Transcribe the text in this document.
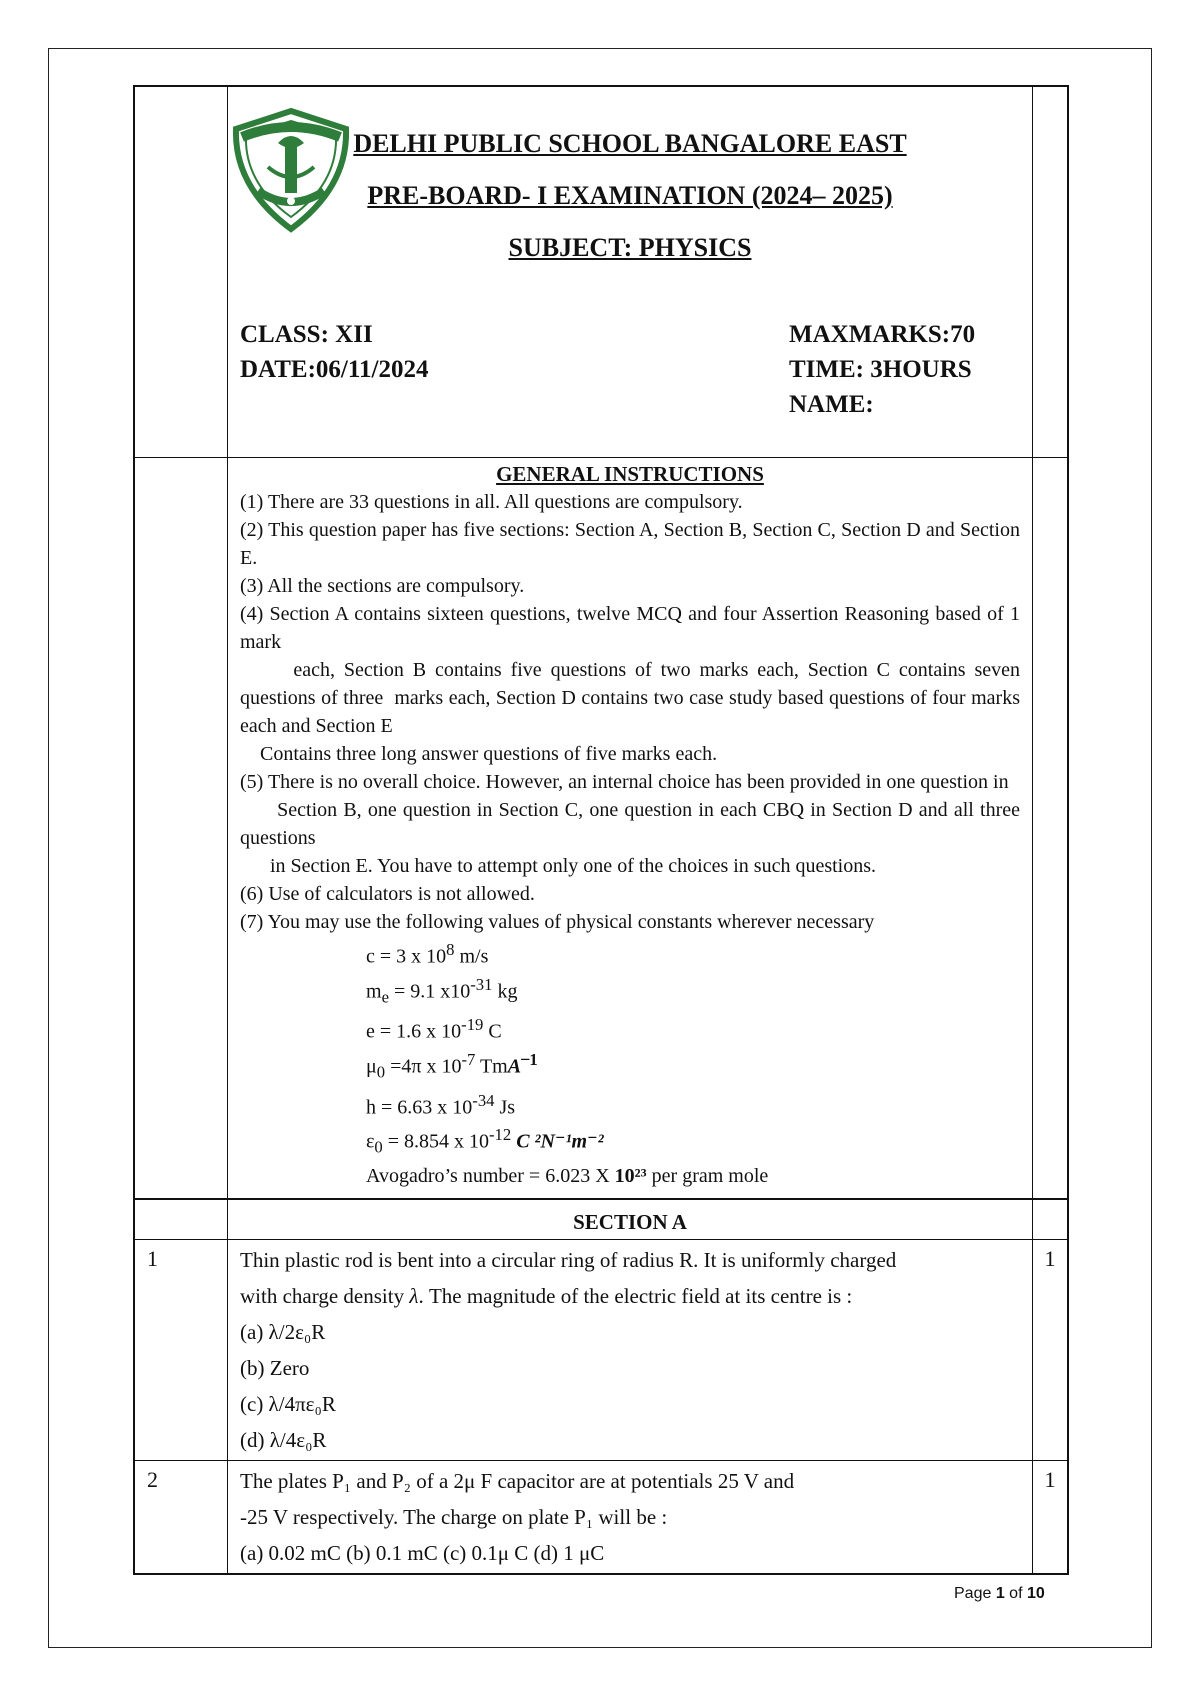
DELHI PUBLIC SCHOOL BANGALORE EAST
PRE-BOARD- I EXAMINATION (2024– 2025)
SUBJECT: PHYSICS
CLASS: XII
DATE:06/11/2024
MAXMARKS:70
TIME: 3HOURS
NAME:

GENERAL INSTRUCTIONS

(1) There are 33 questions in all. All questions are compulsory.

(2) This question paper has five sections: Section A, Section B, Section C, Section D and Section E.

(3) All the sections are compulsory.

(4) Section A contains sixteen questions, twelve MCQ and four Assertion Reasoning based of 1 mark

each, Section B contains five questions of two marks each, Section C contains seven questions of three  marks each, Section D contains two case study based questions of four marks each and Section E

Contains three long answer questions of five marks each.

(5) There is no overall choice. However, an internal choice has been provided in one question in

Section B, one question in Section C, one question in each CBQ in Section D and all three questions

in Section E. You have to attempt only one of the choices in such questions.

(6) Use of calculators is not allowed.

(7) You may use the following values of physical constants wherever necessary

c = 3 x $10^8$ m/s
$m_e = 9.1$ $x10^{-31}$ kg
e = 1.6 x $10^{-19}$ C
$\mu_0 =4\pi$ x $10^{-7}$ TmA $^{̶ 1}$
h = 6.63 x $10^{-34}$ Js
$\varepsilon_0 = 8.854$ x $10^{-12}$ C ²N⁻¹m⁻²
Avogadro’s number = 6.023 X 10²³ per gram mole
SECTION A
1	Thin plastic rod is bent into a circular ring of radius R. It is uniformly charged

with charge density λ. The magnitude of the electric field at its centre is :

(a) λ/2ε₀R

(b) Zero

(c) λ/4πε₀R

(d) λ/4ε₀R

1
2	The plates P₁ and P₂ of a 2μ F capacitor are at potentials 25 V and

-25 V respectively. The charge on plate P₁ will be :

(a) 0.02 mC (b) 0.1 mC (c) 0.1μ C (d) 1 μC

1
Page 1 of 10
